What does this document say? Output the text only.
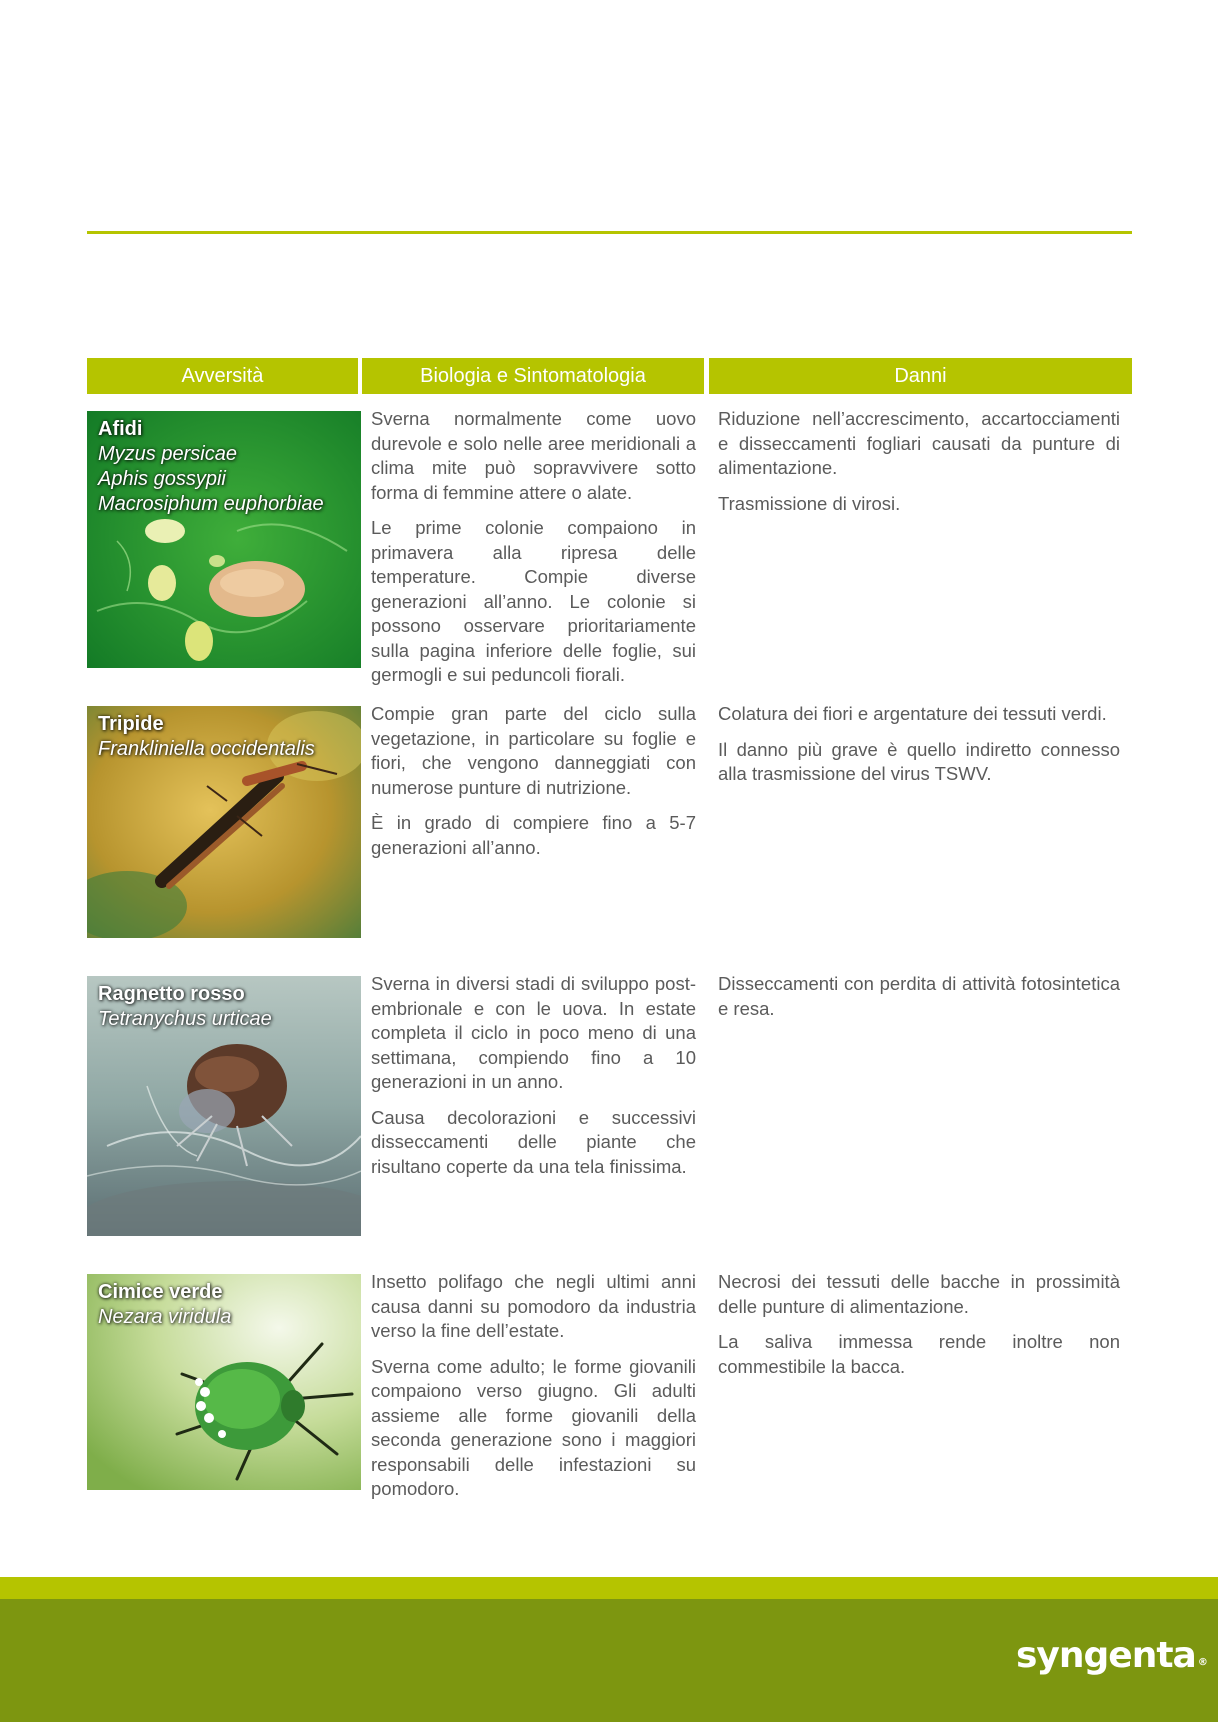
Avversità	Biologia e Sintomatologia	Danni
Afidi
Myzus persicae
Aphis gossypii
Macrosiphum euphorbiae

Sverna normalmente come uovo durevole e solo nelle aree meridionali a clima mite può sopravvivere sotto forma di femmine attere o alate.

Le prime colonie compaiono in primavera alla ripresa delle temperature. Compie diverse generazioni all’anno. Le colonie si possono osservare prioritariamente sulla pagina inferiore delle foglie, sui germogli e sui peduncoli fiorali.

Riduzione nell’accrescimento, accartocciamenti e disseccamenti fogliari causati da punture di alimentazione.

Trasmissione di virosi.

Tripide
Frankliniella occidentalis

Compie gran parte del ciclo sulla vegetazione, in particolare su foglie e fiori, che vengono danneggiati con numerose punture di nutrizione.

È in grado di compiere fino a 5-7 generazioni all’anno.

Colatura dei fiori e argentature dei tessuti verdi.

Il danno più grave è quello indiretto connesso alla trasmissione del virus TSWV.

Ragnetto rosso
Tetranychus urticae

Sverna in diversi stadi di sviluppo post-embrionale e con le uova. In estate completa il ciclo in poco meno di una settimana, compiendo fino a 10 generazioni in un anno.

Causa decolorazioni e successivi disseccamenti delle piante che risultano coperte da una tela finissima.

Disseccamenti con perdita di attività fotosintetica e resa.

Cimice verde
Nezara viridula

Insetto polifago che negli ultimi anni causa danni su pomodoro da industria verso la fine dell’estate.

Sverna come adulto; le forme giovanili compaiono verso giugno. Gli adulti assieme alle forme giovanili della seconda generazione sono i maggiori responsabili delle infestazioni su pomodoro.

Necrosi dei tessuti delle bacche in prossimità delle punture di alimentazione.

La saliva immessa rende inoltre non commestibile la bacca.

syngenta ®
